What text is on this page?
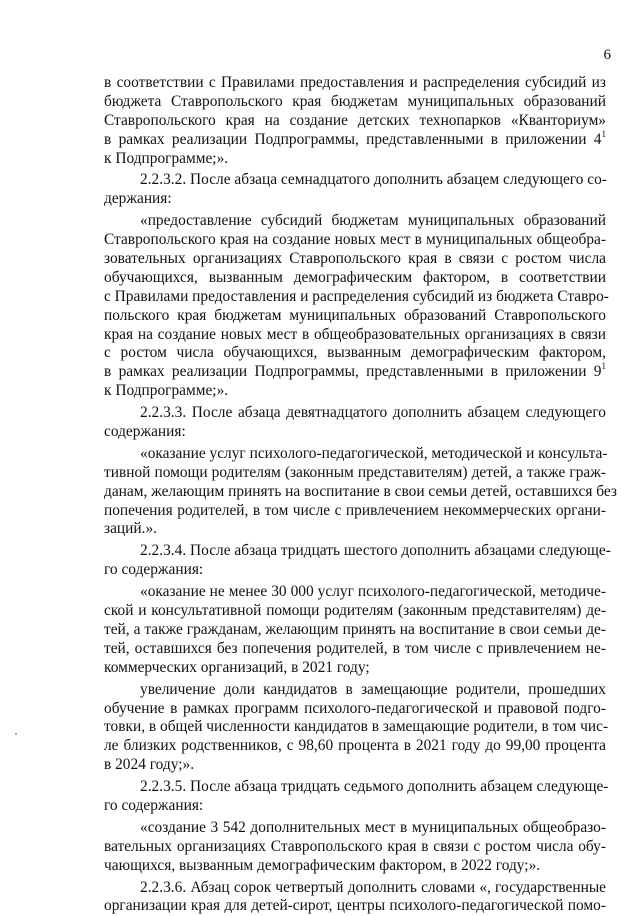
6
в соответствии с Правилами предоставления и распределения субсидий из
бюджета Ставропольского края бюджетам муниципальных образований
Ставропольского края на создание детских технопарков «Кванториум»
в рамках реализации Подпрограммы, представленными в приложении $4^1$
к Подпрограмме;».
2.2.3.2. После абзаца семнадцатого дополнить абзацем следующего со-
держания:
«предоставление субсидий бюджетам муниципальных образований
Ставропольского края на создание новых мест в муниципальных общеобра-
зовательных организациях Ставропольского края в связи с ростом числа
обучающихся, вызванным демографическим фактором, в соответствии
с Правилами предоставления и распределения субсидий из бюджета Ставро-
польского края бюджетам муниципальных образований Ставропольского
края на создание новых мест в общеобразовательных организациях в связи
с ростом числа обучающихся, вызванным демографическим фактором,
в рамках реализации Подпрограммы, представленными в приложении $9^1$
к Подпрограмме;».
2.2.3.3. После абзаца девятнадцатого дополнить абзацем следующего
содержания:
«оказание услуг психолого-педагогической, методической и консульта-
тивной помощи родителям (законным представителям) детей, а также граж-
данам, желающим принять на воспитание в свои семьи детей, оставшихся без
попечения родителей, в том числе с привлечением некоммерческих органи-
заций.».
2.2.3.4. После абзаца тридцать шестого дополнить абзацами следующе-
го содержания:
«оказание не менее 30 000 услуг психолого-педагогической, методиче-
ской и консультативной помощи родителям (законным представителям) де-
тей, а также гражданам, желающим принять на воспитание в свои семьи де-
тей, оставшихся без попечения родителей, в том числе с привлечением не-
коммерческих организаций, в 2021 году;
увеличение доли кандидатов в замещающие родители, прошедших
обучение в рамках программ психолого-педагогической и правовой подго-
товки, в общей численности кандидатов в замещающие родители, в том чис-
ле близких родственников, с 98,60 процента в 2021 году до 99,00 процента
в 2024 году;».
2.2.3.5. После абзаца тридцать седьмого дополнить абзацем следующе-
го содержания:
«создание 3 542 дополнительных мест в муниципальных общеобразо-
вательных организациях Ставропольского края в связи с ростом числа обу-
чающихся, вызванным демографическим фактором, в 2022 году;».
2.2.3.6. Абзац сорок четвертый дополнить словами «, государственные
организации края для детей-сирот, центры психолого-педагогической помо-
